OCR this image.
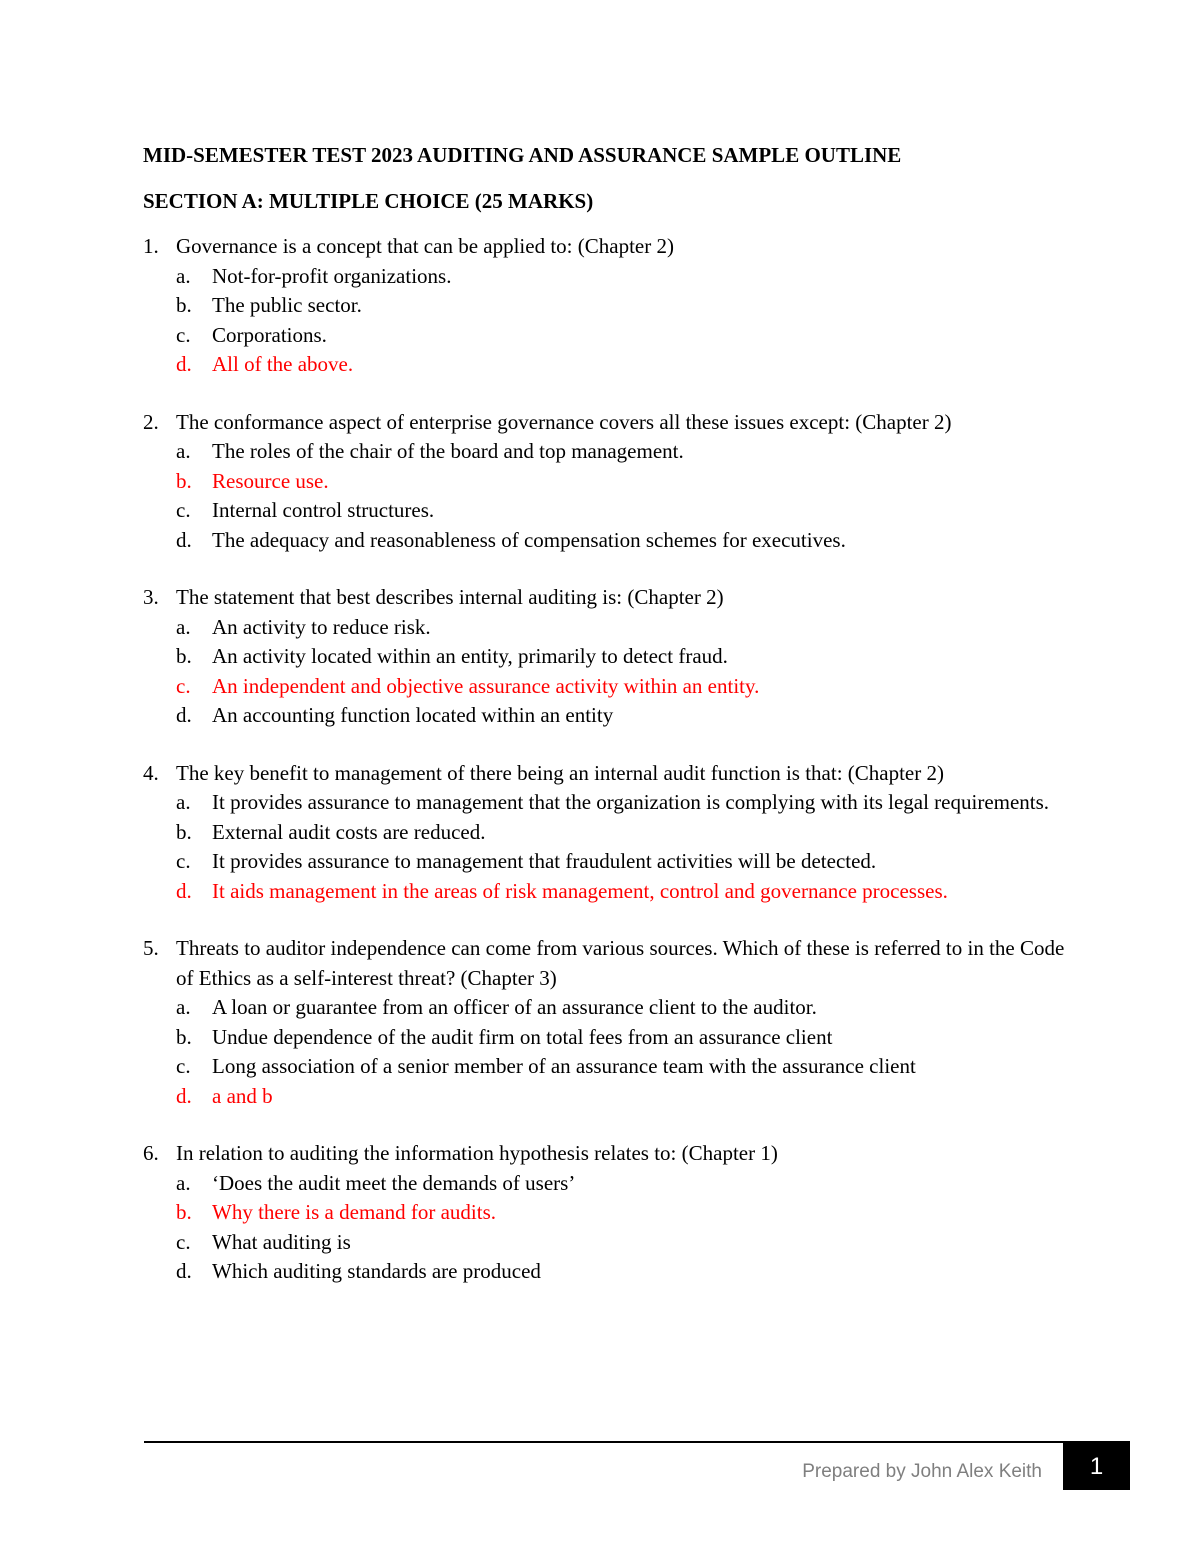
MID-SEMESTER TEST 2023 AUDITING AND ASSURANCE SAMPLE OUTLINE
SECTION A: MULTIPLE CHOICE (25 MARKS)
1. Governance is a concept that can be applied to: (Chapter 2)
a.	Not-for-profit organizations.
b. The public sector.
c.	Corporations.
d. All of the above.
2. The conformance aspect of enterprise governance covers all these issues except: (Chapter 2)
a.	The roles of the chair of the board and top management.
b. Resource use.
c.	Internal control structures.
d. The adequacy and reasonableness of compensation schemes for executives.
3. The statement that best describes internal auditing is: (Chapter 2)
a.	An activity to reduce risk.
b. An activity located within an entity, primarily to detect fraud.
c.	An independent and objective assurance activity within an entity.
d. An accounting function located within an entity
4. The key benefit to management of there being an internal audit function is that: (Chapter 2)
a.	It provides assurance to management that the organization is complying with its legal requirements.
b. External audit costs are reduced.
c.	It provides assurance to management that fraudulent activities will be detected.
d. It aids management in the areas of risk management, control and governance processes.
5. Threats to auditor independence can come from various sources. Which of these is referred to in the Code of Ethics as a self-interest threat? (Chapter 3)
a.	A loan or guarantee from an officer of an assurance client to the auditor.
b. Undue dependence of the audit firm on total fees from an assurance client
c.	Long association of a senior member of an assurance team with the assurance client
d. a and b
6. In relation to auditing the information hypothesis relates to: (Chapter 1)
a.	‘Does the audit meet the demands of users’
b. Why there is a demand for audits.
c.	What auditing is
d. Which auditing standards are produced
Prepared by John Alex Keith 1
